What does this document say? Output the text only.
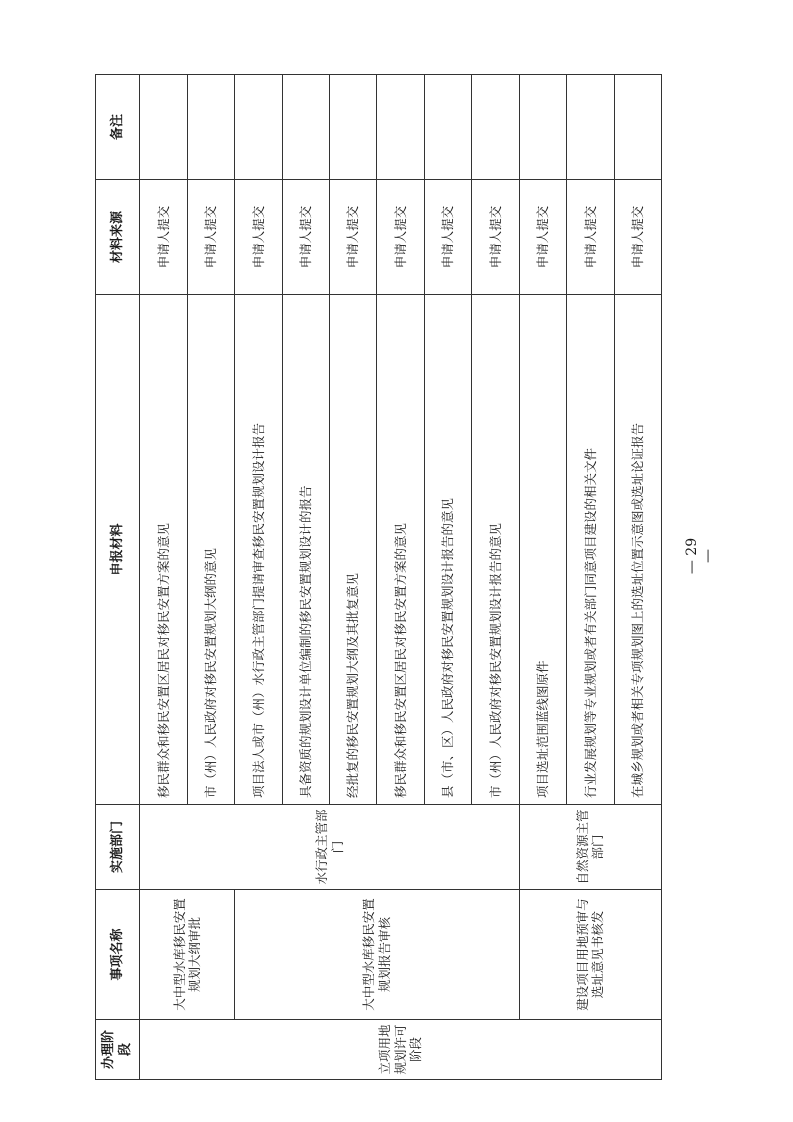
办理阶段	事项名称	实施部门	申报材料	材料来源	备注
立项用地规划许可阶段	大中型水库移民安置规划大纲审批	水行政主管部门	移民群众和移民安置区居民对移民安置方案的意见	申请人提交	
			市（州）人民政府对移民安置规划大纲的意见	申请人提交	
	大中型水库移民安置规划报告审核		项目法人或市（州）水行政主管部门提请审查移民安置规划设计报告	申请人提交	
			具备资质的规划设计单位编制的移民安置规划设计的报告	申请人提交	
			经批复的移民安置规划大纲及其批复意见	申请人提交	
			移民群众和移民安置区居民对移民安置方案的意见	申请人提交	
			县（市、区）人民政府对移民安置规划设计报告的意见	申请人提交	
			市（州）人民政府对移民安置规划设计报告的意见	申请人提交	
	建设项目用地预审与选址意见书核发	自然资源主管部门	项目选址范围蓝线图原件	申请人提交	
			行业发展规划等专业规划或者有关部门同意项目建设的相关文件	申请人提交	
			在城乡规划或者相关专项规划图上的选址位置示意图或选址论证报告	申请人提交	
— 29 —
